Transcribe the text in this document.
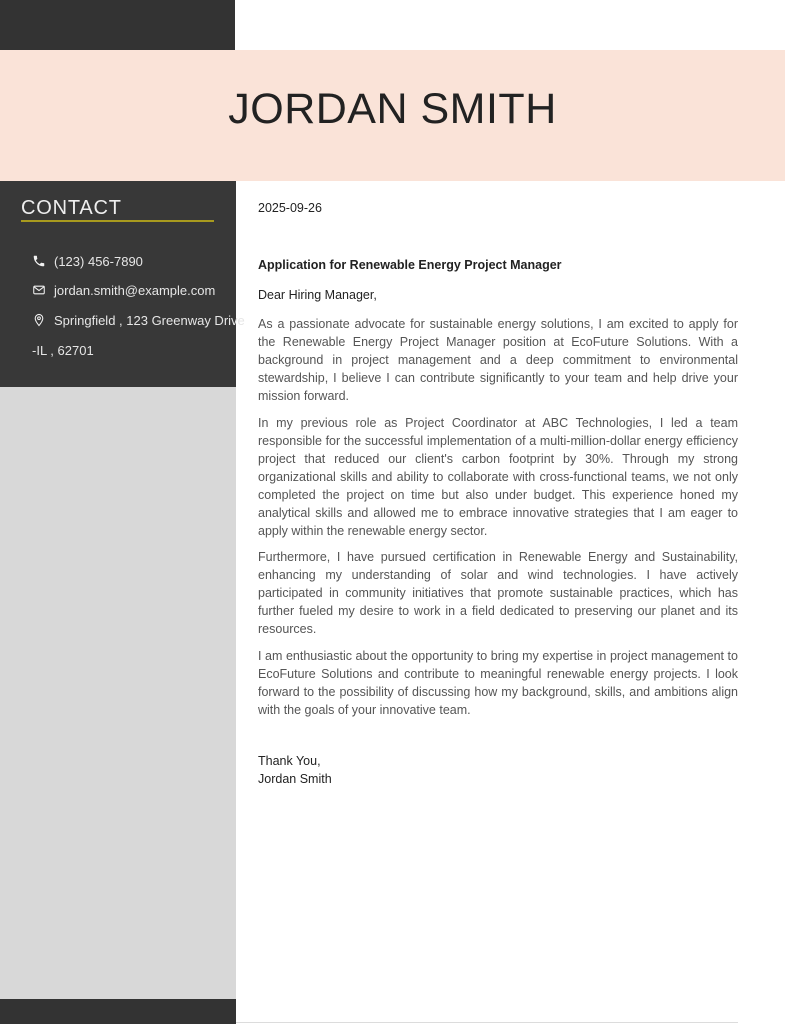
JORDAN SMITH
CONTACT
(123) 456-7890
jordan.smith@example.com
Springfield , 123 Greenway Drive
-IL , 62701
2025-09-26
Application for Renewable Energy Project Manager
Dear Hiring Manager,

As a passionate advocate for sustainable energy solutions, I am excited to apply for the Renewable Energy Project Manager position at EcoFuture Solutions. With a background in project management and a deep commitment to environmental stewardship, I believe I can contribute significantly to your team and help drive your mission forward.

In my previous role as Project Coordinator at ABC Technologies, I led a team responsible for the successful implementation of a multi-million-dollar energy efficiency project that reduced our client's carbon footprint by 30%. Through my strong organizational skills and ability to collaborate with cross-functional teams, we not only completed the project on time but also under budget. This experience honed my analytical skills and allowed me to embrace innovative strategies that I am eager to apply within the renewable energy sector.

Furthermore, I have pursued certification in Renewable Energy and Sustainability, enhancing my understanding of solar and wind technologies. I have actively participated in community initiatives that promote sustainable practices, which has further fueled my desire to work in a field dedicated to preserving our planet and its resources.

I am enthusiastic about the opportunity to bring my expertise in project management to EcoFuture Solutions and contribute to meaningful renewable energy projects. I look forward to the possibility of discussing how my background, skills, and ambitions align with the goals of your innovative team.

Thank You,
Jordan Smith
